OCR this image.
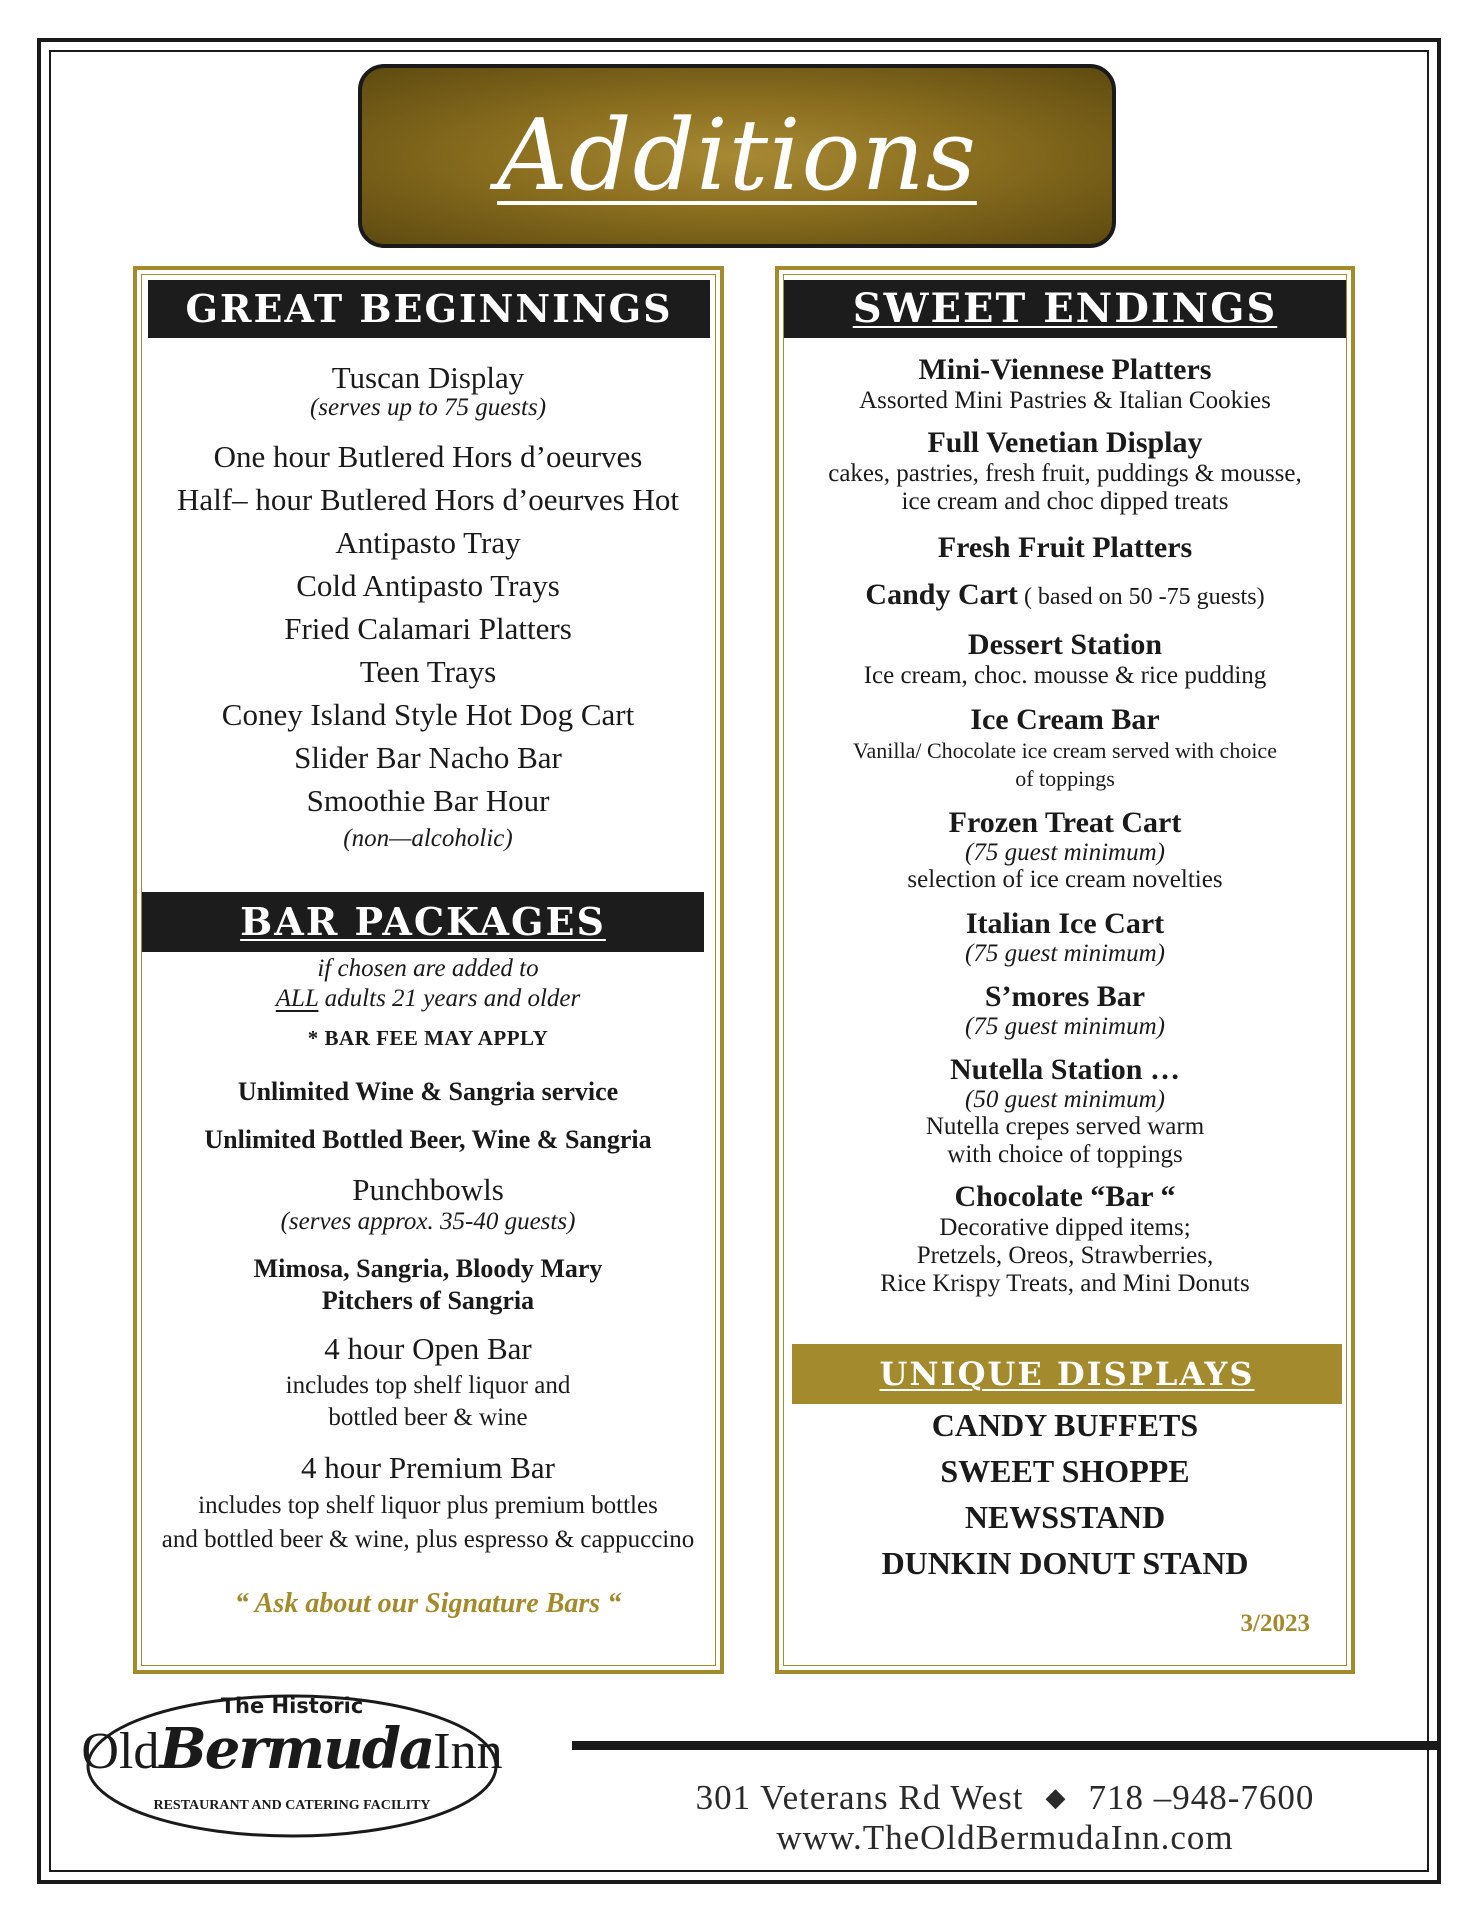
Additions
GREAT BEGINNINGS
Tuscan Display
(serves up to 75 guests)
One hour Butlered Hors d’oeurves
Half– hour Butlered Hors d’oeurves Hot
Antipasto Tray
Cold Antipasto Trays
Fried Calamari Platters
Teen Trays
Coney Island Style Hot Dog Cart
Slider Bar Nacho Bar
Smoothie Bar Hour
(non—alcoholic)
BAR PACKAGES
if chosen are added to
ALL adults 21 years and older
* BAR FEE MAY APPLY
Unlimited Wine & Sangria service
Unlimited Bottled Beer, Wine & Sangria
Punchbowls
(serves approx. 35-40 guests)
Mimosa, Sangria, Bloody Mary
Pitchers of Sangria
4 hour Open Bar
includes top shelf liquor and
bottled beer & wine
4 hour Premium Bar
includes top shelf liquor plus premium bottles
and bottled beer & wine, plus espresso & cappuccino
“ Ask about our Signature Bars “
SWEET ENDINGS
Mini-Viennese Platters
Assorted Mini Pastries & Italian Cookies
Full Venetian Display
cakes, pastries, fresh fruit, puddings & mousse,
ice cream and choc dipped treats
Fresh Fruit Platters
Candy Cart ( based on 50 -75 guests)
Dessert Station
Ice cream, choc. mousse & rice pudding
Ice Cream Bar
Vanilla/ Chocolate ice cream served with choice
of toppings
Frozen Treat Cart
(75 guest minimum)
selection of ice cream novelties
Italian Ice Cart
(75 guest minimum)
S’mores Bar
(75 guest minimum)
Nutella Station …
(50 guest minimum)
Nutella crepes served warm
with choice of toppings
Chocolate “Bar “
Decorative dipped items;
Pretzels, Oreos, Strawberries,
Rice Krispy Treats, and Mini Donuts
UNIQUE DISPLAYS
CANDY BUFFETS
SWEET SHOPPE
NEWSSTAND
DUNKIN DONUT STAND
3/2023
The Historic
OldBermudaInn
RESTAURANT AND CATERING FACILITY	301 Veterans Rd West ◆ 718 –948-7600
www.TheOldBermudaInn.com
